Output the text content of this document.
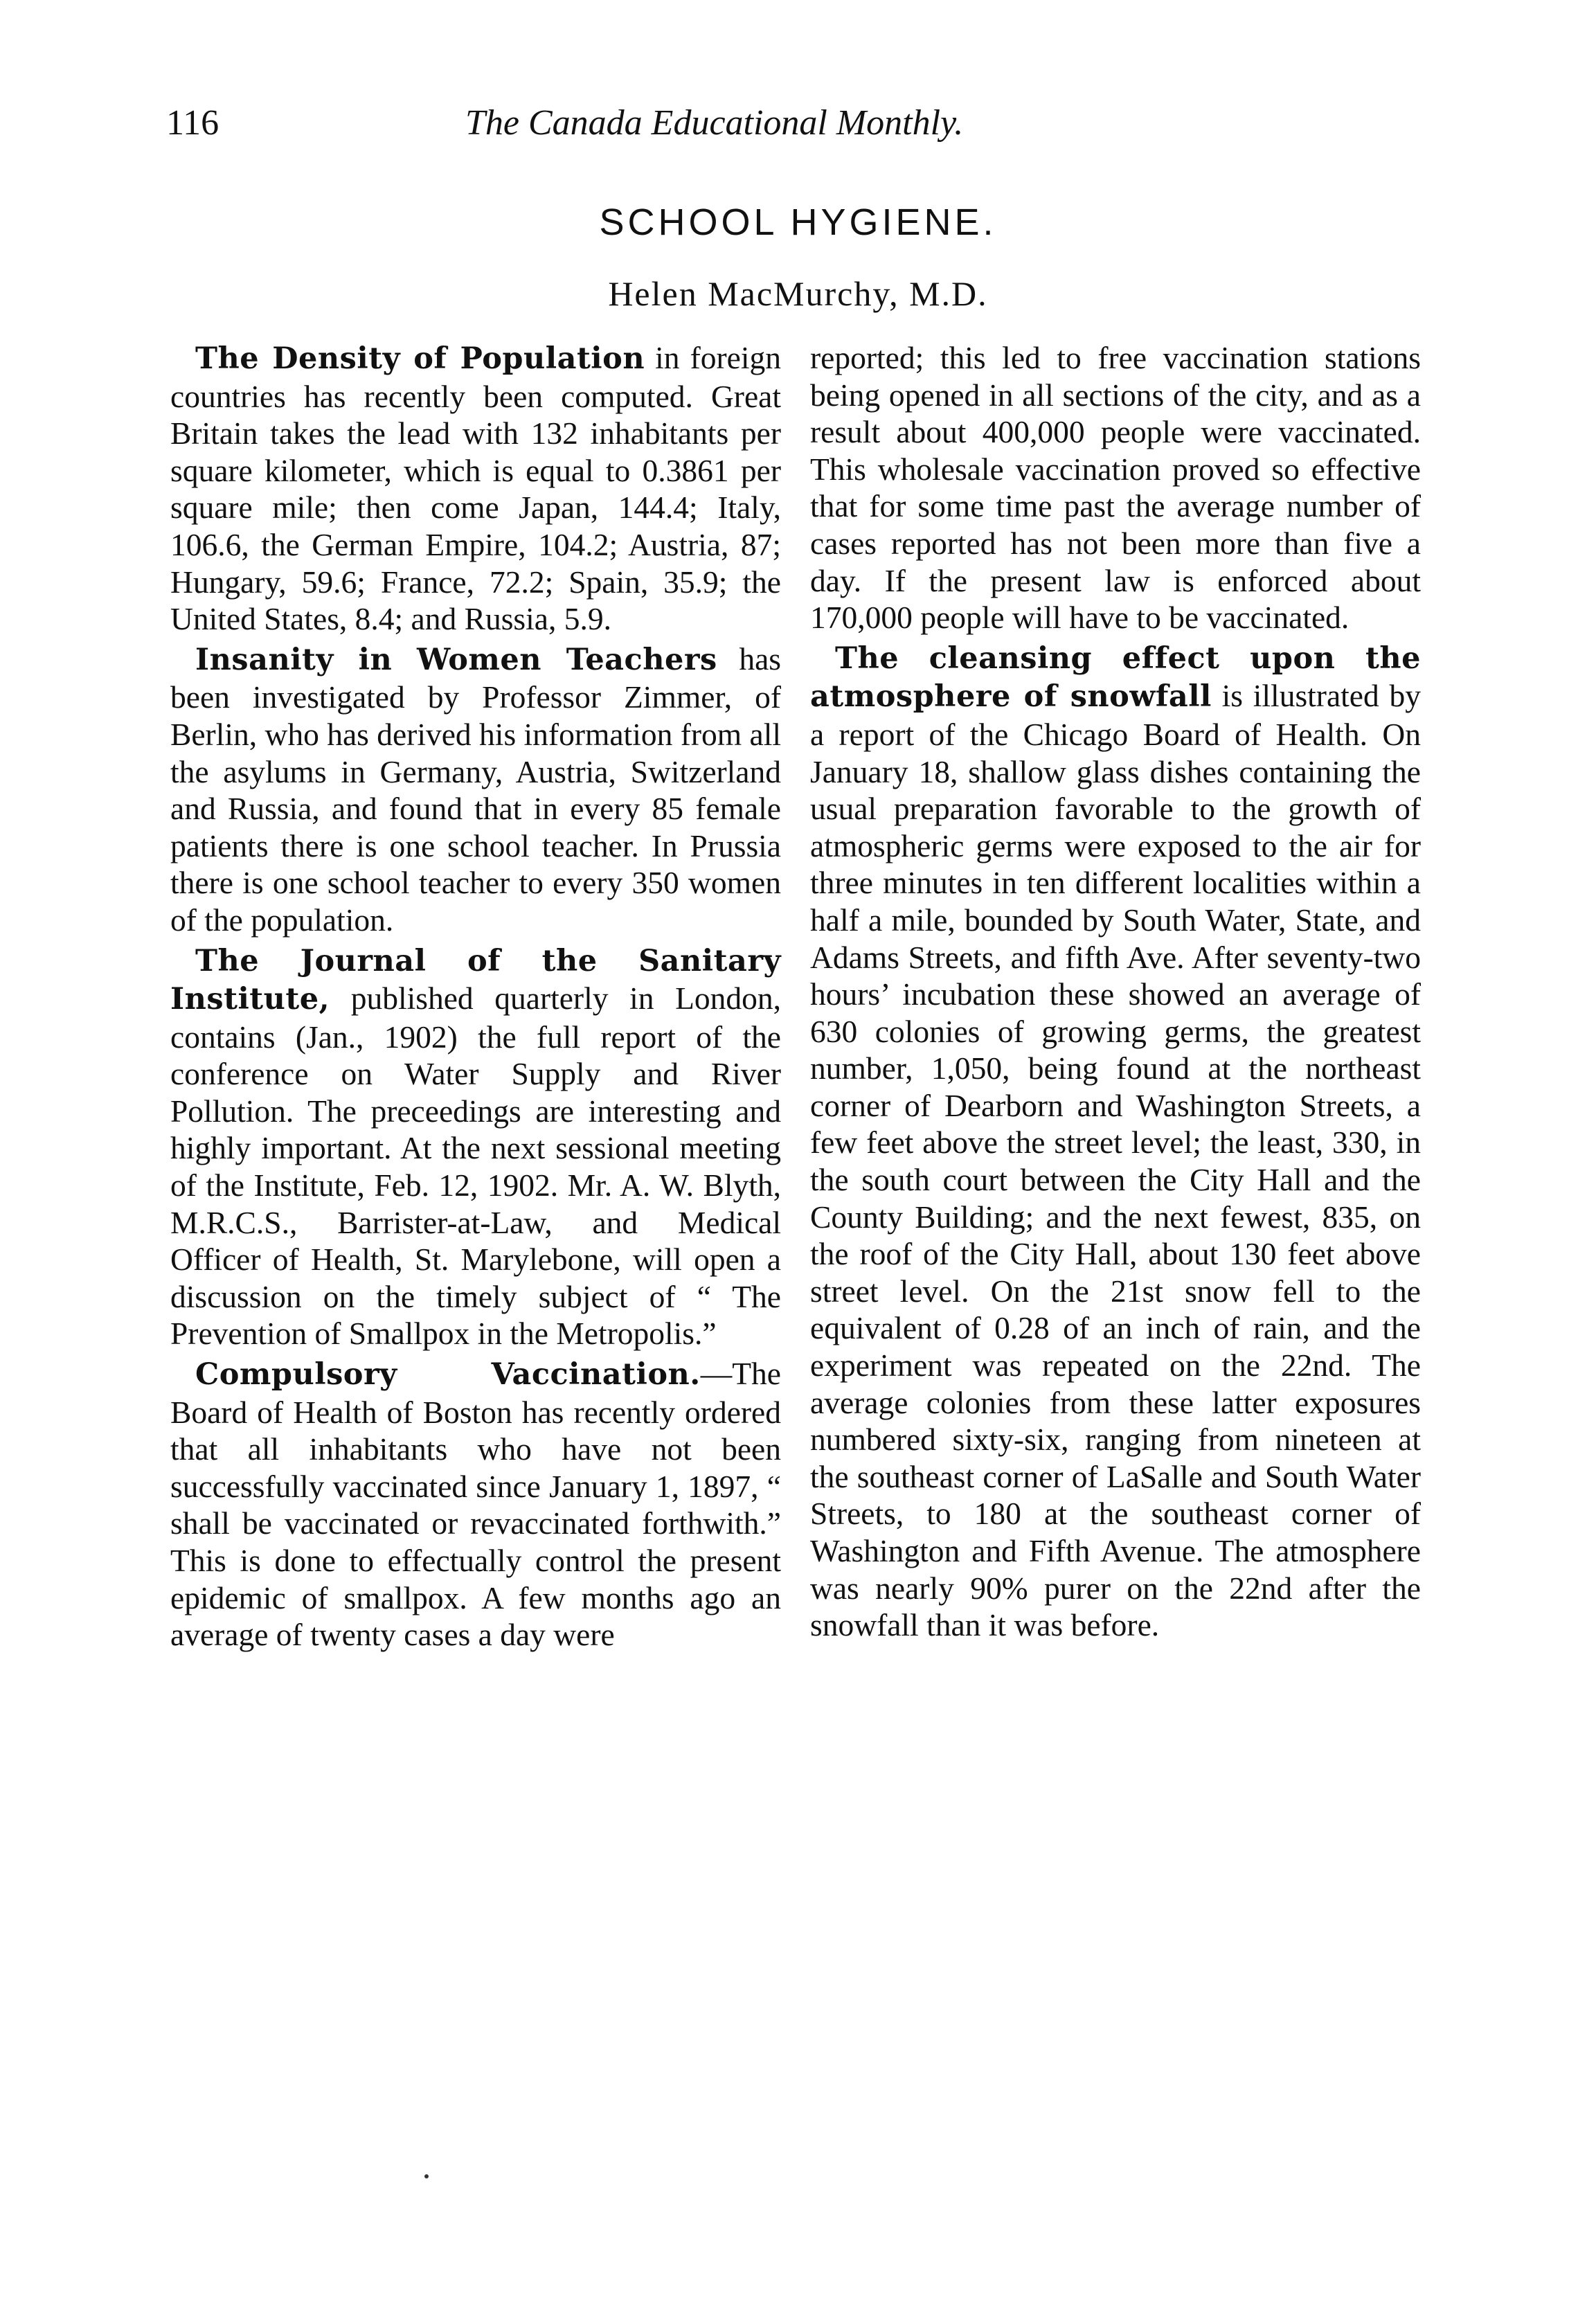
116	The Canada Educational Monthly.
SCHOOL HYGIENE.
Helen MacMurchy, M.D.

The Density of Population in foreign countries has recently been computed. Great Britain takes the lead with 132 inhabitants per square kilometer, which is equal to 0.3861 per square mile; then come Japan, 144.4; Italy, 106.6, the German Empire, 104.2; Austria, 87; Hungary, 59.6; France, 72.2; Spain, 35.9; the United States, 8.4; and Russia, 5.9.

Insanity in Women Teachers has been investigated by Professor Zimmer, of Berlin, who has derived his information from all the asylums in Germany, Austria, Switzerland and Russia, and found that in every 85 female patients there is one school teacher. In Prussia there is one school teacher to every 350 women of the population.

The Journal of the Sanitary Institute, published quarterly in London, contains (Jan., 1902) the full report of the conference on Water Supply and River Pollution. The preceedings are interesting and highly important. At the next sessional meeting of the Institute, Feb. 12, 1902. Mr. A. W. Blyth, M.R.C.S., Barrister-at-Law, and Medical Officer of Health, St. Marylebone, will open a discussion on the timely subject of “ The Prevention of Smallpox in the Metropolis.”

Compulsory Vaccination.—The Board of Health of Boston has recently ordered that all inhabitants who have not been successfully vaccinated since January 1, 1897, “ shall be vaccinated or revaccinated forthwith.” This is done to effectually control the present epidemic of smallpox. A few months ago an average of twenty cases a day were

reported; this led to free vaccination stations being opened in all sections of the city, and as a result about 400,000 people were vaccinated. This wholesale vaccination proved so effective that for some time past the average number of cases reported has not been more than five a day. If the present law is enforced about 170,000 people will have to be vaccinated.

The cleansing effect upon the atmosphere of snowfall is illustrated by a report of the Chicago Board of Health. On January 18, shallow glass dishes containing the usual preparation favorable to the growth of atmospheric germs were exposed to the air for three minutes in ten different localities within a half a mile, bounded by South Water, State, and Adams Streets, and fifth Ave. After seventy-two hours’ incubation these showed an average of 630 colonies of growing germs, the greatest number, 1,050, being found at the northeast corner of Dearborn and Washington Streets, a few feet above the street level; the least, 330, in the south court between the City Hall and the County Building; and the next fewest, 835, on the roof of the City Hall, about 130 feet above street level. On the 21st snow fell to the equivalent of 0.28 of an inch of rain, and the experiment was repeated on the 22nd. The average colonies from these latter exposures numbered sixty-six, ranging from nineteen at the southeast corner of LaSalle and South Water Streets, to 180 at the southeast corner of Washington and Fifth Avenue. The atmosphere was nearly 90% purer on the 22nd after the snowfall than it was before.
